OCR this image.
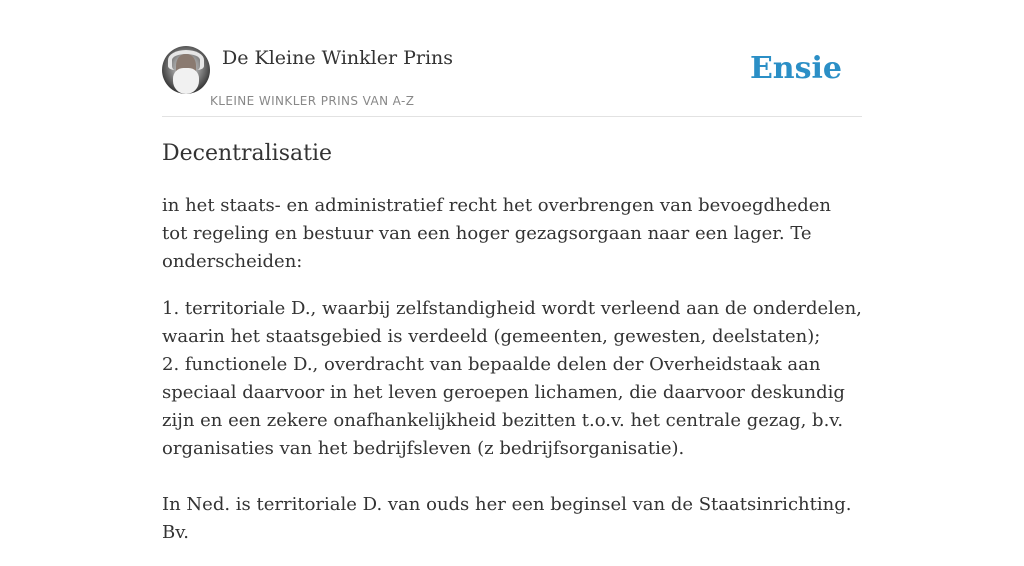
De Kleine Winkler Prins
KLEINE WINKLER PRINS VAN A-Z
Ensie
Decentralisatie

in het staats- en administratief recht het overbrengen van bevoegdheden tot regeling en bestuur van een hoger gezagsorgaan naar een lager. Te onderscheiden:

1. territoriale D., waarbij zelfstandigheid wordt verleend aan de onderdelen, waarin het staatsgebied is verdeeld (gemeenten, gewesten, deelstaten);
2. functionele D., overdracht van bepaalde delen der Overheidstaak aan speciaal daarvoor in het leven geroepen lichamen, die daarvoor deskundig zijn en een zekere onafhankelijkheid bezitten t.o.v. het centrale gezag, b.v. organisaties van het bedrijfsleven (z bedrijfsorganisatie).
In Ned. is territoriale D. van ouds her een beginsel van de Staatsinrichting. Bv.
